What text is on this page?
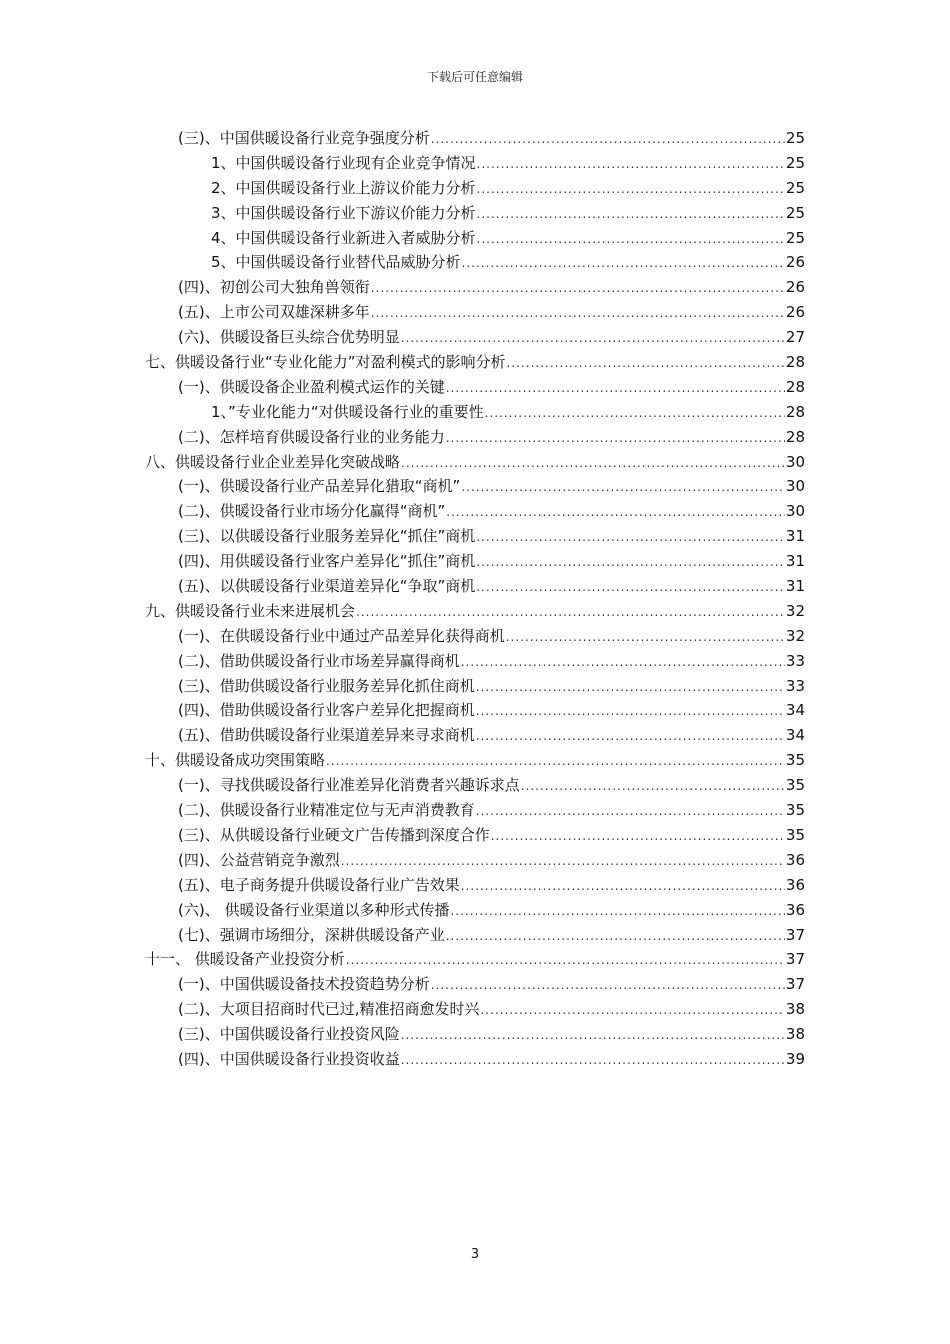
下载后可任意编辑
(三)、中国供暖设备行业竞争强度分析 .....	25
1、中国供暖设备行业现有企业竞争情况 .....	25
2、中国供暖设备行业上游议价能力分析 .....	25
3、中国供暖设备行业下游议价能力分析 .....	25
4、中国供暖设备行业新进入者威胁分析 .....	25
5、中国供暖设备行业替代品威胁分析 .....	26
(四)、初创公司大独角兽领衔 .....	26
(五)、上市公司双雄深耕多年 .....	26
(六)、供暖设备巨头综合优势明显 .....	27
七、供暖设备行业“专业化能力”对盈利模式的影响分析 .....	28
(一)、供暖设备企业盈利模式运作的关键 .....	28
1、”专业化能力“对供暖设备行业的重要性 .....	28
(二)、怎样培育供暖设备行业的业务能力 .....	28
八、供暖设备行业企业差异化突破战略 .....	30
(一)、供暖设备行业产品差异化猎取“商机” .....	30
(二)、供暖设备行业市场分化赢得“商机” .....	30
(三)、以供暖设备行业服务差异化“抓住”商机 .....	31
(四)、用供暖设备行业客户差异化“抓住”商机 .....	31
(五)、以供暖设备行业渠道差异化“争取”商机 .....	31
九、供暖设备行业未来进展机会 .....	32
(一)、在供暖设备行业中通过产品差异化获得商机 .....	32
(二)、借助供暖设备行业市场差异赢得商机 .....	33
(三)、借助供暖设备行业服务差异化抓住商机 .....	33
(四)、借助供暖设备行业客户差异化把握商机 .....	34
(五)、借助供暖设备行业渠道差异来寻求商机 .....	34
十、供暖设备成功突围策略 .....	35
(一)、寻找供暖设备行业准差异化消费者兴趣诉求点 .....	35
(二)、供暖设备行业精准定位与无声消费教育 .....	35
(三)、从供暖设备行业硬文广告传播到深度合作 .....	35
(四)、公益营销竞争激烈 .....	36
(五)、电子商务提升供暖设备行业广告效果 .....	36
(六)、 供暖设备行业渠道以多种形式传播 .....	36
(七)、强调市场细分，深耕供暖设备产业 .....	37
十一、 供暖设备产业投资分析 .....	37
(一)、中国供暖设备技术投资趋势分析 .....	37
(二)、大项目招商时代已过,精准招商愈发时兴 .....	38
(三)、中国供暖设备行业投资风险 .....	38
(四)、中国供暖设备行业投资收益 .....	39
3
